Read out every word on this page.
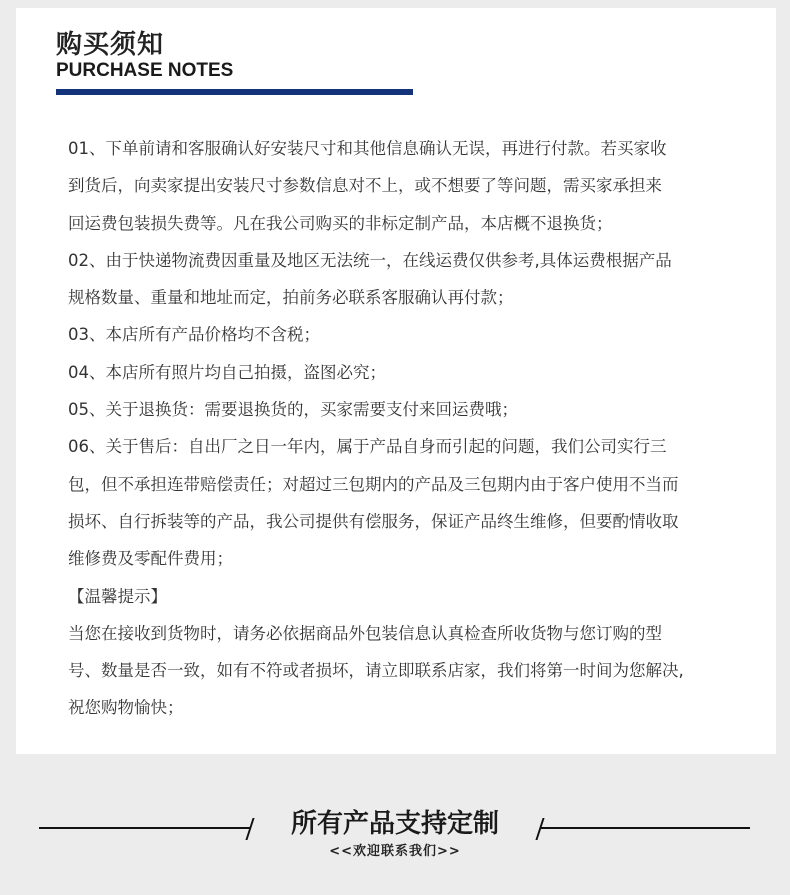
购买须知
PURCHASE NOTES
01、下单前请和客服确认好安装尺寸和其他信息确认无误，再进行付款。若买家收
到货后，向卖家提出安装尺寸参数信息对不上，或不想要了等问题，需买家承担来
回运费包装损失费等。凡在我公司购买的非标定制产品，本店概不退换货；
02、由于快递物流费因重量及地区无法统一，在线运费仅供参考,具体运费根据产品
规格数量、重量和地址而定，拍前务必联系客服确认再付款；
03、本店所有产品价格均不含税；
04、本店所有照片均自己拍摄，盗图必究；
05、关于退换货：需要退换货的，买家需要支付来回运费哦；
06、关于售后：自出厂之日一年内，属于产品自身而引起的问题，我们公司实行三
包，但不承担连带赔偿责任；对超过三包期内的产品及三包期内由于客户使用不当而
损坏、自行拆装等的产品，我公司提供有偿服务，保证产品终生维修，但要酌情收取
维修费及零配件费用；
【温馨提示】
当您在接收到货物时，请务必依据商品外包装信息认真检查所收货物与您订购的型
号、数量是否一致，如有不符或者损坏，请立即联系店家，我们将第一时间为您解决,
祝您购物愉快；
所有产品支持定制
<<欢迎联系我们>>
